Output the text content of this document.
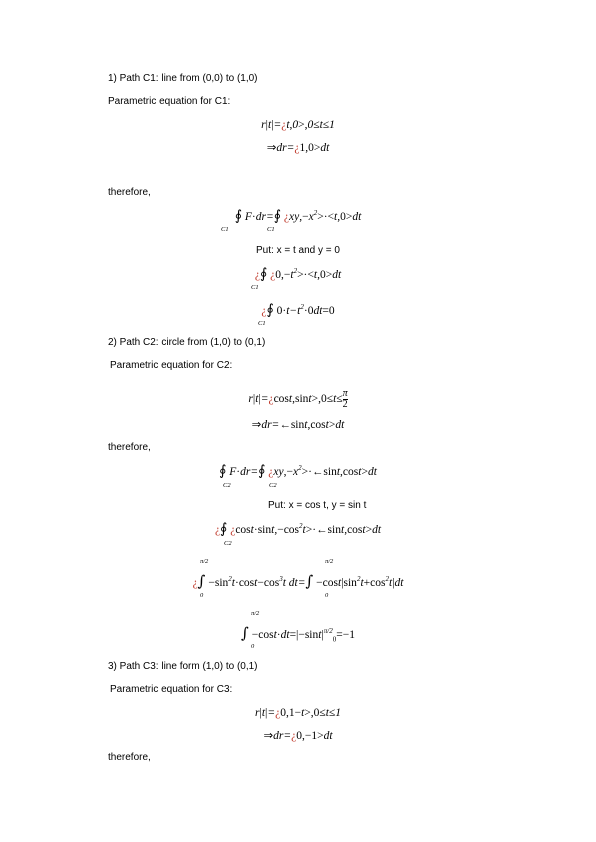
1) Path C1: line from (0,0) to (1,0)
Parametric equation for C1:
r|t|=¿t,0>,0≤t≤1
⇒dr=¿1,0>dt
therefore,
∮ F·dr=∮ ¿$xy,-x^2>\cdot<t,0>dt$
C1	C1
Put: x = t and y = 0
¿∮ ¿$0,-t^2>\cdot<t,0>dt$
C1
¿∮ $0\cdot t-t^2\cdot 0dt=0$
C1
2) Path C2: circle from (1,0) to (0,1)
Parametric equation for C2:
r|t|=¿cost,sint>,0≤t≤ $\frac{\pi}{2}$
⇒dr=←sint,cost>dt
therefore,
∮ F·dr=∮ ¿$xy,-x^2>\cdot\leftarrow\sin t,\cos t>dt$
C2	C2
Put: x = cos t, y = sin t
¿∮ ¿$\cos t\cdot\sin t,-\cos^2t>\cdot\leftarrow\sin t,\cos t>dt$
C2
¿∫ $-\sin^2t\cdot\cos t-\cos^3t$ $dt=\int -\cos t|\sin^2t+\cos^2t|dt$
π/2
0
π/2
0
∫ $-\cos t\cdot dt=|-\sin t|^{\pi/2}_0=-1$
π/2
0
3) Path C3: line form (1,0) to (0,1)
Parametric equation for C3:
r|t|=¿0,1−t>,0≤t≤1
⇒dr=¿0,−1>dt
therefore,
